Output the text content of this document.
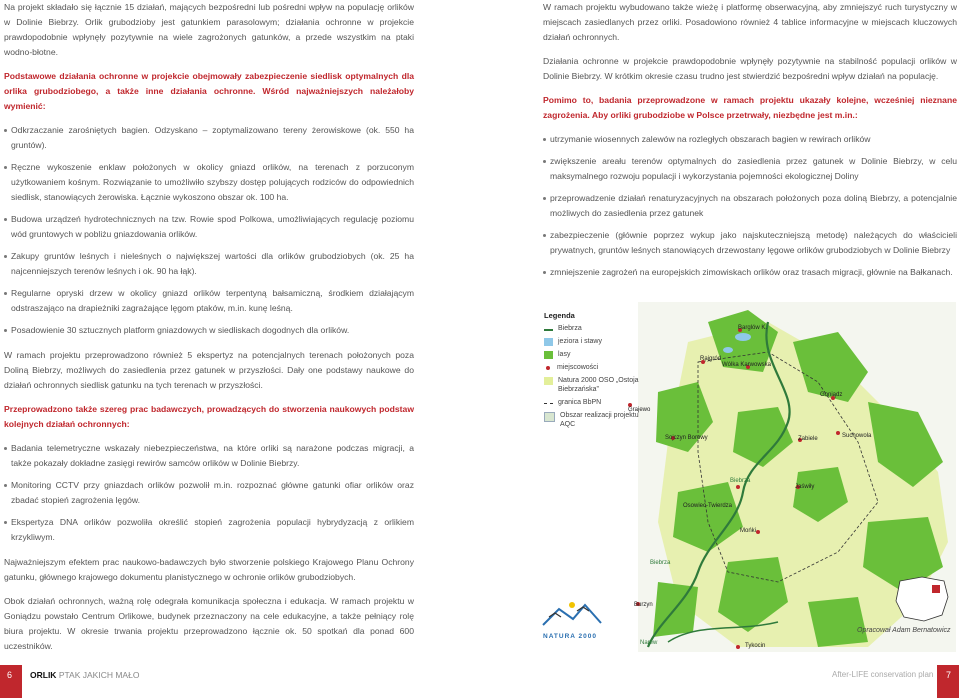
Na projekt składało się łącznie 15 działań, mających bezpośredni lub pośredni wpływ na populację orlików w Dolinie Biebrzy. Orlik grubodzioby jest gatunkiem parasolowym; działania ochronne w projekcie prawdopodobnie wpłynęły pozytywnie na wiele zagrożonych gatunków, a przede wszystkim na ptaki wodno-błotne.

Podstawowe działania ochronne w projekcie obejmowały zabezpieczenie siedlisk optymalnych dla orlika grubodziobego, a także inne działania ochronne. Wśród najważniejszych należałoby wymienić:

Odkrzaczanie zarośniętych bagien. Odzyskano – zoptymalizowano tereny żerowiskowe (ok. 550 ha gruntów).
Ręczne wykoszenie enklaw położonych w okolicy gniazd orlików, na terenach z porzuconym użytkowaniem kośnym. Rozwiązanie to umożliwiło szybszy dostęp polujących rodziców do odpowiednich siedlisk, stanowiących żerowiska. Łącznie wykoszono obszar ok. 100 ha.
Budowa urządzeń hydrotechnicznych na tzw. Rowie spod Polkowa, umożliwiających regulację poziomu wód gruntowych w pobliżu gniazdowania orlików.
Zakupy gruntów leśnych i nieleśnych o największej wartości dla orlików grubodziobych (ok. 25 ha najcenniejszych terenów leśnych i ok. 90 ha łąk).
Regularne opryski drzew w okolicy gniazd orlików terpentyną bałsamiczną, środkiem działającym odstraszająco na drapieżniki zagrażające lęgom ptaków, m.in. kunę leśną.
Posadowienie 30 sztucznych platform gniazdowych w siedliskach dogodnych dla orlików.

W ramach projektu przeprowadzono również 5 ekspertyz na potencjalnych terenach położonych poza Doliną Biebrzy, możliwych do zasiedlenia przez gatunek w przyszłości. Dały one podstawy naukowe do działań ochronnych siedlisk gatunku na tych terenach w przyszłości.

Przeprowadzono także szereg prac badawczych, prowadzących do stworzenia naukowych podstaw kolejnych działań ochronnych:

Badania telemetryczne wskazały niebezpieczeństwa, na które orliki są narażone podczas migracji, a także pokazały dokładne zasięgi rewirów samców orlików w Dolinie Biebrzy.
Monitoring CCTV przy gniazdach orlików pozwolił m.in. rozpoznać główne gatunki ofiar orlików oraz zbadać stopień zagrożenia lęgów.
Ekspertyza DNA orlików pozwoliła określić stopień zagrożenia populacji hybrydyzacją z orlikiem krzykliwym.

Najważniejszym efektem prac naukowo-badawczych było stworzenie polskiego Krajowego Planu Ochrony gatunku, głównego krajowego dokumentu planistycznego w ochronie orlików grubodziobych.

Obok działań ochronnych, ważną rolę odegrała komunikacja społeczna i edukacja. W ramach projektu w Goniądzu powstało Centrum Orlikowe, budynek przeznaczony na cele edukacyjne, a także pełniący rolę biura projektu. W okresie trwania projektu przeprowadzono łącznie ok. 50 spotkań dla ponad 600 uczestników.

W ramach projektu wybudowano także wieżę i platformę obserwacyjną, aby zmniejszyć ruch turystyczny w miejscach zasiedlanych przez orliki. Posadowiono również 4 tablice informacyjne w miejscach kluczowych działań ochronnych.

Działania ochronne w projekcie prawdopodobnie wpłynęły pozytywnie na stabilność populacji orlików w Dolinie Biebrzy. W krótkim okresie czasu trudno jest stwierdzić bezpośredni wpływ działań na populację.

Pomimo to, badania przeprowadzone w ramach projektu ukazały kolejne, wcześniej nieznane zagrożenia. Aby orliki grubodziobe w Polsce przetrwały, niezbędne jest m.in.:

utrzymanie wiosennych zalewów na rozległych obszarach bagien w rewirach orlików
zwiększenie areału terenów optymalnych do zasiedlenia przez gatunek w Dolinie Biebrzy, w celu maksymalnego rozwoju populacji i wykorzystania pojemności ekologicznej Doliny
przeprowadzenie działań renaturyzacyjnych na obszarach położonych poza doliną Biebrzy, a potencjalnie możliwych do zasiedlenia przez gatunek
zabezpieczenie (głównie poprzez wykup jako najskuteczniejszą metodę) należących do właścicieli prywatnych, gruntów leśnych stanowiących drzewostany lęgowe orlików grubodziobych w Dolinie Biebrzy
zmniejszenie zagrożeń na europejskich zimowiskach orlików oraz trasach migracji, głównie na Bałkanach.
Barglów K.
Rajgród
Wólka Karwowska
Grajewo
Goniądz
Sojczyn Borowy	Zabiele	Suchowola
Jaświły
Osowiec-Twierdza
Mońki
Burzyn
Tykocin
Biebrza
Biebrza
Narew
Legenda
Biebrza
jeziora i stawy
lasy
miejscowości
Natura 2000 OSO „Ostoja Biebrzańska”
granica BbPN
Obszar realizacji projektu AQC
NATURA 2000
Opracował Adam Bernatowicz
6 ORLIK PTAK JAKICH MAŁO	After-LIFE conservation plan 7
